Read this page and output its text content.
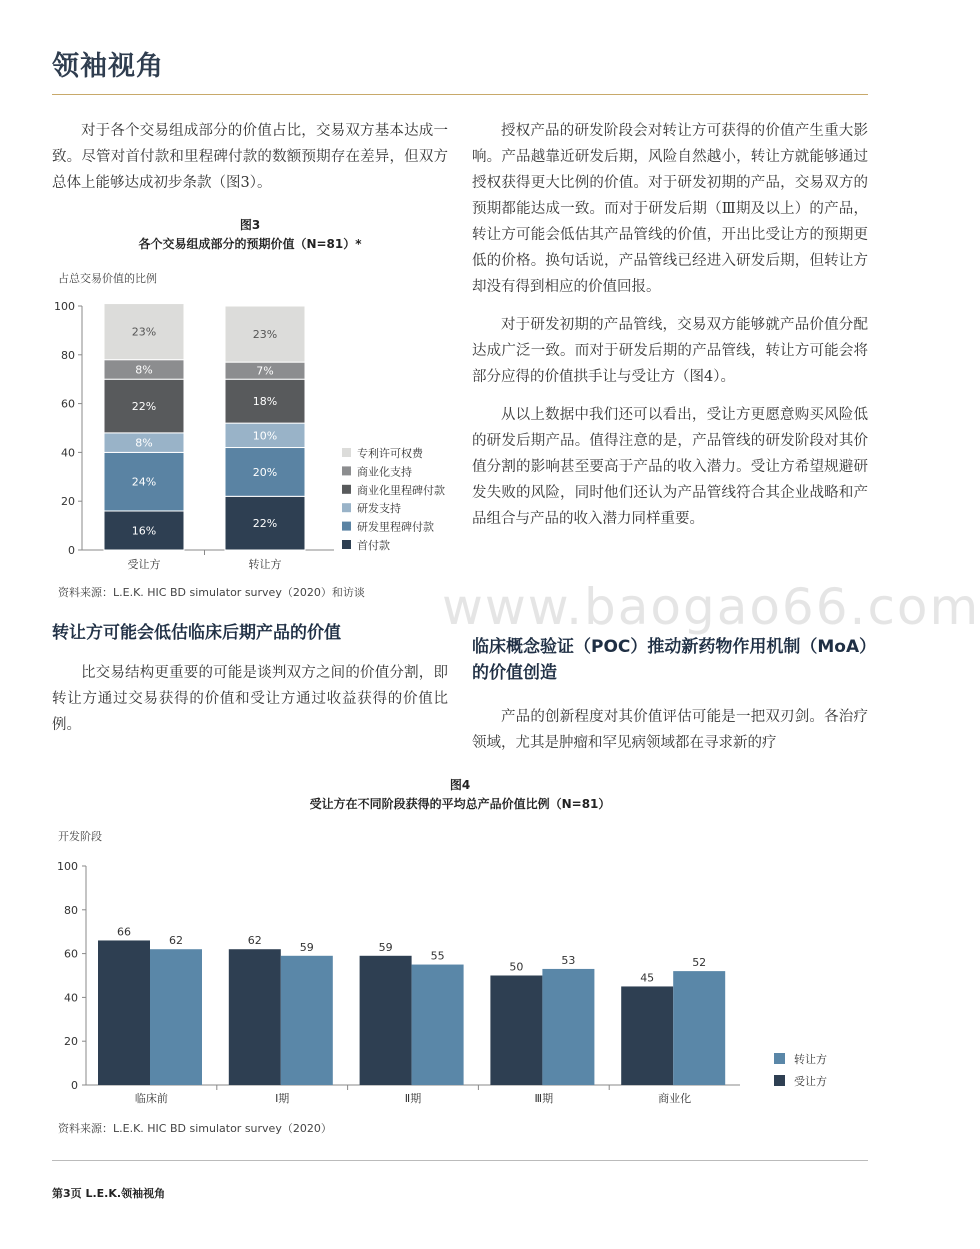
领袖视角

对于各个交易组成部分的价值占比，交易双方基本达成一致。尽管对首付款和里程碑付款的数额预期存在差异，但双方总体上能够达成初步条款（图3）。

图3
各个交易组成部分的预期价值（N=81）*
占总交易价值的比例
0
20
40
60
80
100
16%
24%
8%
22%
8%
23%
受让方
22%
20%
10%
18%
7%
23%
转让方
专利许可权费
商业化支持
商业化里程碑付款
研发支持
研发里程碑付款
首付款
资料来源：L.E.K. HIC BD simulator survey（2020）和访谈
转让方可能会低估临床后期产品的价值

比交易结构更重要的可能是谈判双方之间的价值分割，即转让方通过交易获得的价值和受让方通过收益获得的价值比例。

授权产品的研发阶段会对转让方可获得的价值产生重大影响。产品越靠近研发后期，风险自然越小，转让方就能够通过授权获得更大比例的价值。对于研发初期的产品，交易双方的预期都能达成一致。而对于研发后期（Ⅲ期及以上）的产品，转让方可能会低估其产品管线的价值，开出比受让方的预期更低的价格。换句话说，产品管线已经进入研发后期，但转让方却没有得到相应的价值回报。

对于研发初期的产品管线，交易双方能够就产品价值分配达成广泛一致。而对于研发后期的产品管线，转让方可能会将部分应得的价值拱手让与受让方（图4）。

从以上数据中我们还可以看出，受让方更愿意购买风险低的研发后期产品。值得注意的是，产品管线的研发阶段对其价值分割的影响甚至要高于产品的收入潜力。受让方希望规避研发失败的风险，同时他们还认为产品管线符合其企业战略和产品组合与产品的收入潜力同样重要。

临床概念验证（POC）推动新药物作用机制（MoA）的价值创造

产品的创新程度对其价值评估可能是一把双刃剑。各治疗领域，尤其是肿瘤和罕见病领域都在寻求新的疗

www.baogao66.com
图4
受让方在不同阶段获得的平均总产品价值比例（N=81）
开发阶段
0
20
40
60
80
100
66
62
临床前
62
59
Ⅰ期
59
55
Ⅱ期
50
53
Ⅲ期
45
52
商业化
转让方
受让方
资料来源：L.E.K. HIC BD simulator survey（2020）
第3页 L.E.K.领袖视角
